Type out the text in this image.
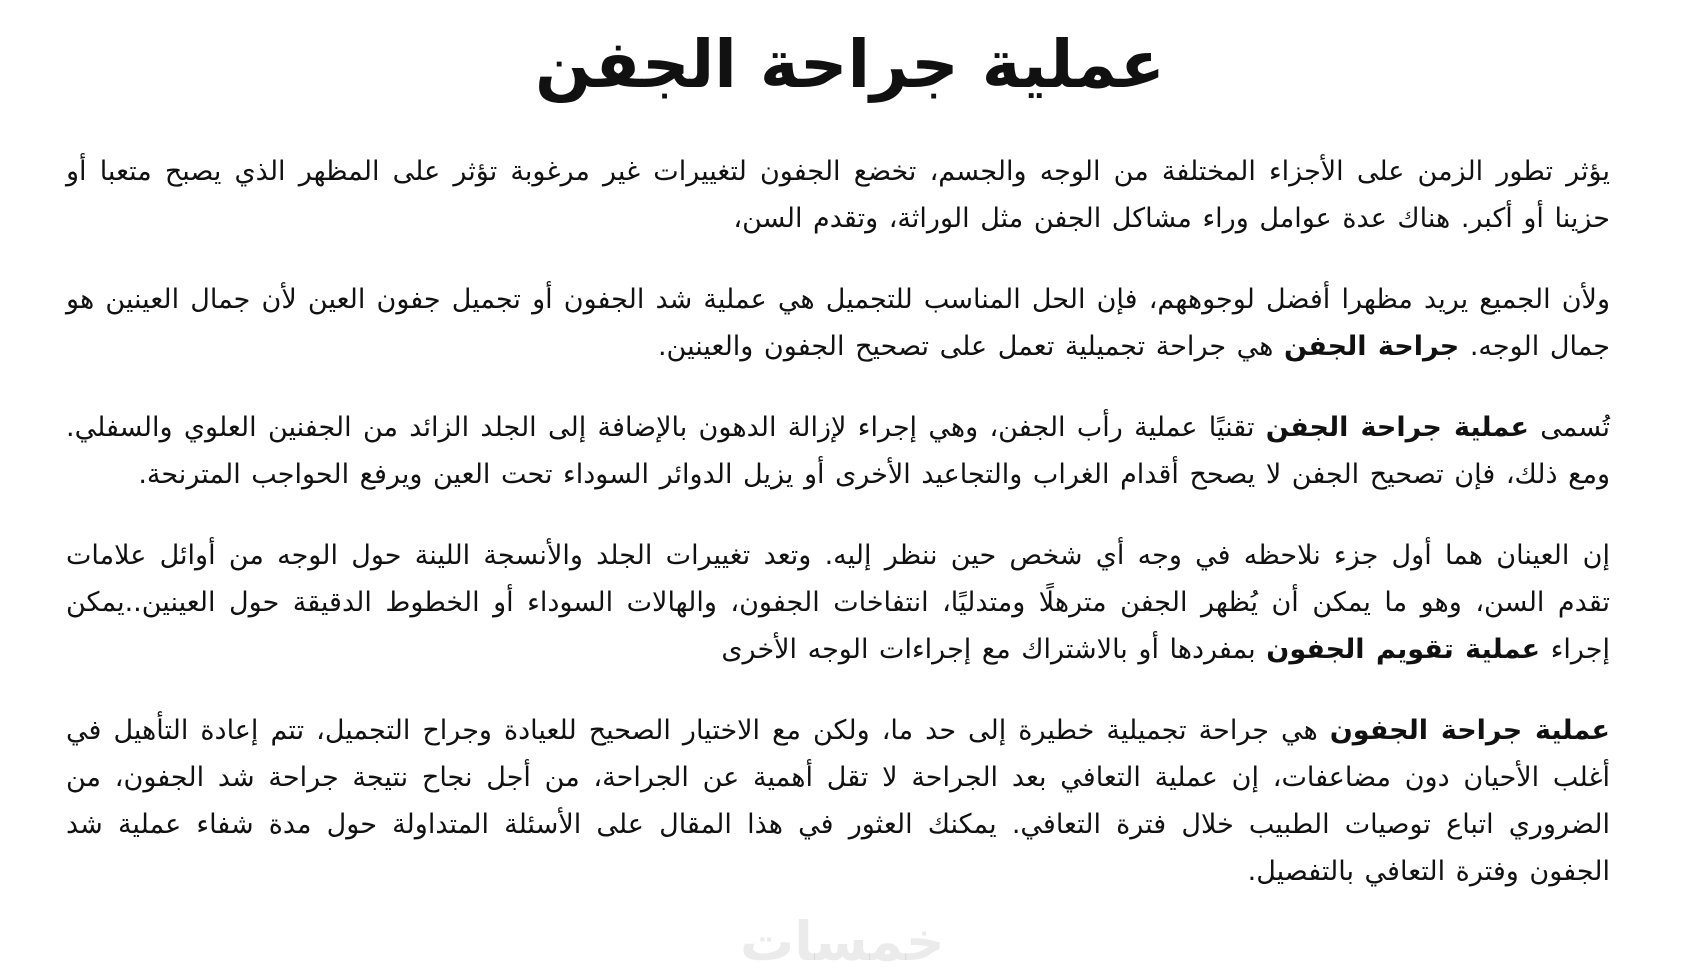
عملية جراحة الجفن

يؤثر تطور الزمن على الأجزاء المختلفة من الوجه والجسم، تخضع الجفون لتغييرات غير مرغوبة تؤثر على المظهر الذي يصبح متعبا أو حزينا أو أكبر. هناك عدة عوامل وراء مشاكل الجفن مثل الوراثة، وتقدم السن،

ولأن الجميع يريد مظهرا أفضل لوجوههم، فإن الحل المناسب للتجميل هي عملية شد الجفون أو تجميل جفون العين لأن جمال العينين هو جمال الوجه. جراحة الجفن هي جراحة تجميلية تعمل على تصحيح الجفون والعينين.

تُسمى عملية جراحة الجفن تقنيًا عملية رأب الجفن، وهي إجراء لإزالة الدهون بالإضافة إلى الجلد الزائد من الجفنين العلوي والسفلي. ومع ذلك، فإن تصحيح الجفن لا يصحح أقدام الغراب والتجاعيد الأخرى أو يزيل الدوائر السوداء تحت العين ويرفع الحواجب المترنحة.

إن العينان هما أول جزء نلاحظه في وجه أي شخص حين ننظر إليه. وتعد تغييرات الجلد والأنسجة اللينة حول الوجه من أوائل علامات تقدم السن، وهو ما يمكن أن يُظهر الجفن مترهلًا ومتدليًا، انتفاخات الجفون، والهالات السوداء أو الخطوط الدقيقة حول العينين..يمكن إجراء عملية تقويم الجفون بمفردها أو بالاشتراك مع إجراءات الوجه الأخرى

عملية جراحة الجفون هي جراحة تجميلية خطيرة إلى حد ما، ولكن مع الاختيار الصحيح للعيادة وجراح التجميل، تتم إعادة التأهيل في أغلب الأحيان دون مضاعفات، إن عملية التعافي بعد الجراحة لا تقل أهمية عن الجراحة، من أجل نجاح نتيجة جراحة شد الجفون، من الضروري اتباع توصيات الطبيب خلال فترة التعافي. يمكنك العثور في هذا المقال على الأسئلة المتداولة حول مدة شفاء عملية شد الجفون وفترة التعافي بالتفصيل.

خمسات
